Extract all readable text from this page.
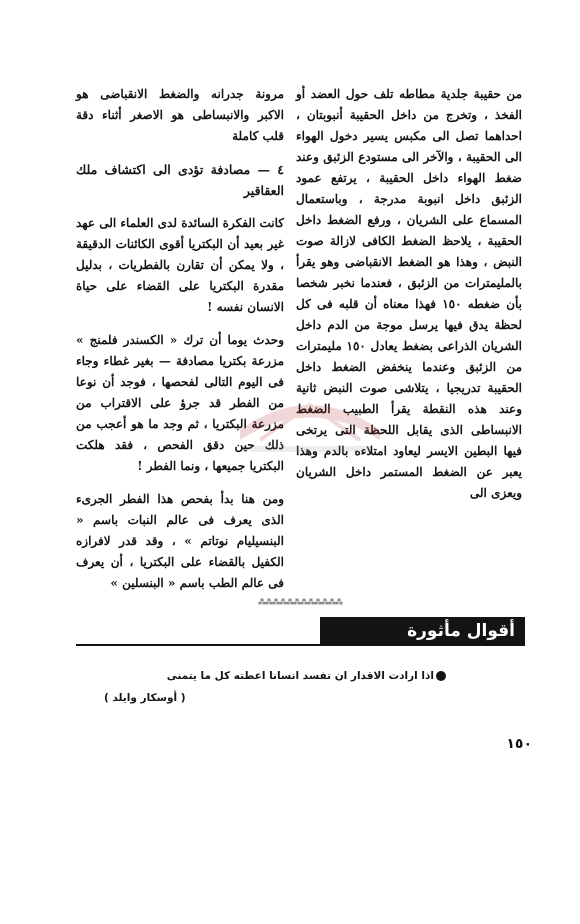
من حقيبة جلدية مطاطه تلف حول العضد أو الفخذ ، وتخرج من داخل الحقيبة أنبوبتان ، احداهما تصل الى مكبس يسير دخول الهواء الى الحقيبة ، والآخر الى مستودع الزئبق وعند ضغط الهواء داخل الحقيبة ، يرتفع عمود الزئبق داخل انبوبة مدرجة ، وباستعمال المسماع على الشريان ، ورفع الضغط داخل الحقيبة ، يلاحظ الضغط الكافى لازالة صوت النبض ، وهذا هو الضغط الانقباضى وهو يقرأ بالمليمترات من الزئبق ، فعندما نخبر شخصا بأن ضغطه ١٥٠ فهذا معناه أن قلبه فى كل لحظة يدق فيها يرسل موجة من الدم داخل الشريان الذراعى بضغط يعادل ١٥٠ مليمترات من الزئبق وعندما ينخفض الضغط داخل الحقيبة تدريجيا ، يتلاشى صوت النبض ثانية وعند هذه النقطة يقرأ الطبيب الضغط الانبساطى الذى يقابل اللحظة التى يرتخى فيها البطين الايسر ليعاود امتلاءه بالدم وهذا يعبر عن الضغط المستمر داخل الشريان ويعزى الى

مرونة جدرانه والضغط الانقباضى هو الاكبر والانبساطى هو الاصغر أثناء دقة قلب كاملة

٤ — مصادفة تؤدى الى اكتشاف ملك العقاقير

كانت الفكرة السائدة لدى العلماء الى عهد غير بعيد أن البكتريا أقوى الكائنات الدقيقة ، ولا يمكن أن تقارن بالفطريات ، بدليل مقدرة البكتريا على القضاء على حياة الانسان نفسه !

وحدث يوما أن ترك « الكسندر فلمنج » مزرعة بكتريا مصادفة — بغير غطاء وجاء فى اليوم التالى لفحصها ، فوجد أن نوعا من الفطر قد جرؤ على الاقتراب من مزرعة البكتريا ، ثم وجد ما هو أعجب من ذلك حين دقق الفحص ، فقد هلكت البكتريا جميعها ، ونما الفطر !

ومن هنا بدأ بفحص هذا الفطر الجرىء الذى يعرف فى عالم النبات باسم « البنسيليام نوتاتم » ، وقد قدر لافرازه الكفيل بالقضاء على البكتريا ، أن يعرف فى عالم الطب باسم « البنسلين »

⁂⁂⁂⁂⁂⁂⁂⁂⁂⁂⁂⁂
أقوال مأثورة
اذا ارادت الاقدار ان تفسد انسانا اعطته كل ما يتمنى
( أوسكار وايلد )
١٥٠
